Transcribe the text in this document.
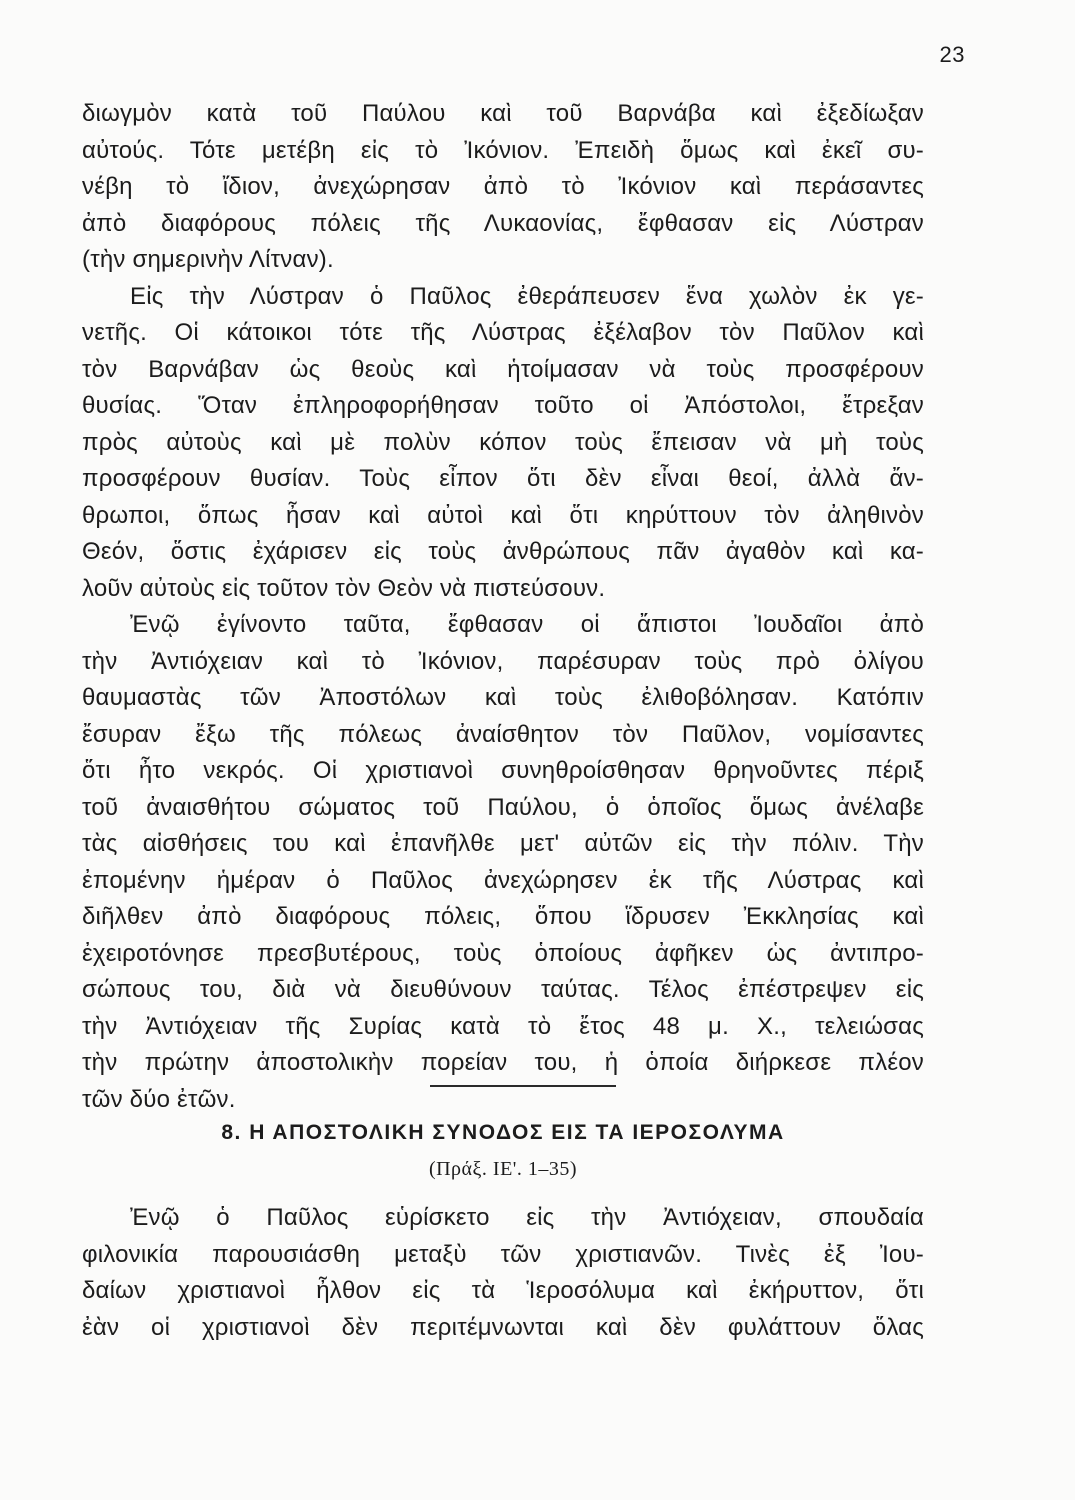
23
διωγμὸν κατὰ τοῦ Παύλου καὶ τοῦ Βαρνάβα καὶ ἐξεδίωξαν
αὐτούς. Τότε μετέβη εἰς τὸ Ἰκόνιον. Ἐπειδὴ ὅμως καὶ ἐκεῖ συ-
νέβη τὸ ἴδιον, ἀνεχώρησαν ἀπὸ τὸ Ἰκόνιον καὶ περάσαντες
ἀπὸ διαφόρους πόλεις τῆς Λυκαονίας, ἔφθασαν εἰς Λύστραν
(τὴν σημερινὴν Λίτναν).
Εἰς τὴν Λύστραν ὁ Παῦλος ἐθεράπευσεν ἕνα χωλὸν ἐκ γε-
νετῆς. Οἱ κάτοικοι τότε τῆς Λύστρας ἐξέλαβον τὸν Παῦλον καὶ
τὸν Βαρνάβαν ὡς θεοὺς καὶ ἡτοίμασαν νὰ τοὺς προσφέρουν
θυσίας. Ὅταν ἐπληροφορήθησαν τοῦτο οἱ Ἀπόστολοι, ἔτρεξαν
πρὸς αὐτοὺς καὶ μὲ πολὺν κόπον τοὺς ἔπεισαν νὰ μὴ τοὺς
προσφέρουν θυσίαν. Τοὺς εἶπον ὅτι δὲν εἶναι θεοί, ἀλλὰ ἄν-
θρωποι, ὅπως ἦσαν καὶ αὐτοὶ καὶ ὅτι κηρύττουν τὸν ἀληθινὸν
Θεόν, ὅστις ἐχάρισεν εἰς τοὺς ἀνθρώπους πᾶν ἀγαθὸν καὶ κα-
λοῦν αὐτοὺς εἰς τοῦτον τὸν Θεὸν νὰ πιστεύσουν.
Ἐνῷ ἐγίνοντο ταῦτα, ἔφθασαν οἱ ἄπιστοι Ἰουδαῖοι ἀπὸ
τὴν Ἀντιόχειαν καὶ τὸ Ἰκόνιον, παρέσυραν τοὺς πρὸ ὀλίγου
θαυμαστὰς τῶν Ἀποστόλων καὶ τοὺς ἐλιθοβόλησαν. Κατόπιν
ἔσυραν ἔξω τῆς πόλεως ἀναίσθητον τὸν Παῦλον, νομίσαντες
ὅτι ἦτο νεκρός. Οἱ χριστιανοὶ συνηθροίσθησαν θρηνοῦντες πέριξ
τοῦ ἀναισθήτου σώματος τοῦ Παύλου, ὁ ὁποῖος ὅμως ἀνέλαβε
τὰς αἰσθήσεις του καὶ ἐπανῆλθε μετ' αὐτῶν εἰς τὴν πόλιν. Τὴν
ἐπομένην ἡμέραν ὁ Παῦλος ἀνεχώρησεν ἐκ τῆς Λύστρας καὶ
διῆλθεν ἀπὸ διαφόρους πόλεις, ὅπου ἵδρυσεν Ἐκκλησίας καὶ
ἐχειροτόνησε πρεσβυτέρους, τοὺς ὁποίους ἀφῆκεν ὡς ἀντιπρο-
σώπους του, διὰ νὰ διευθύνουν ταύτας. Τέλος ἐπέστρεψεν εἰς
τὴν Ἀντιόχειαν τῆς Συρίας κατὰ τὸ ἔτος 48 μ. Χ., τελειώσας
τὴν πρώτην ἀποστολικὴν πορείαν του, ἡ ὁποία διήρκεσε πλέον
τῶν δύο ἐτῶν.
8. Η ΑΠΟΣΤΟΛΙΚΗ ΣΥΝΟΔΟΣ ΕΙΣ ΤΑ ΙΕΡΟΣΟΛΥΜΑ
(Πράξ. ΙΕ'. 1–35)
Ἐνῷ ὁ Παῦλος εὑρίσκετο εἰς τὴν Ἀντιόχειαν, σπουδαία
φιλονικία παρουσιάσθη μεταξὺ τῶν χριστιανῶν. Τινὲς ἐξ Ἰου-
δαίων χριστιανοὶ ἦλθον εἰς τὰ Ἱεροσόλυμα καὶ ἐκήρυττον, ὅτι
ἐὰν οἱ χριστιανοὶ δὲν περιτέμνωνται καὶ δὲν φυλάττουν ὅλας
